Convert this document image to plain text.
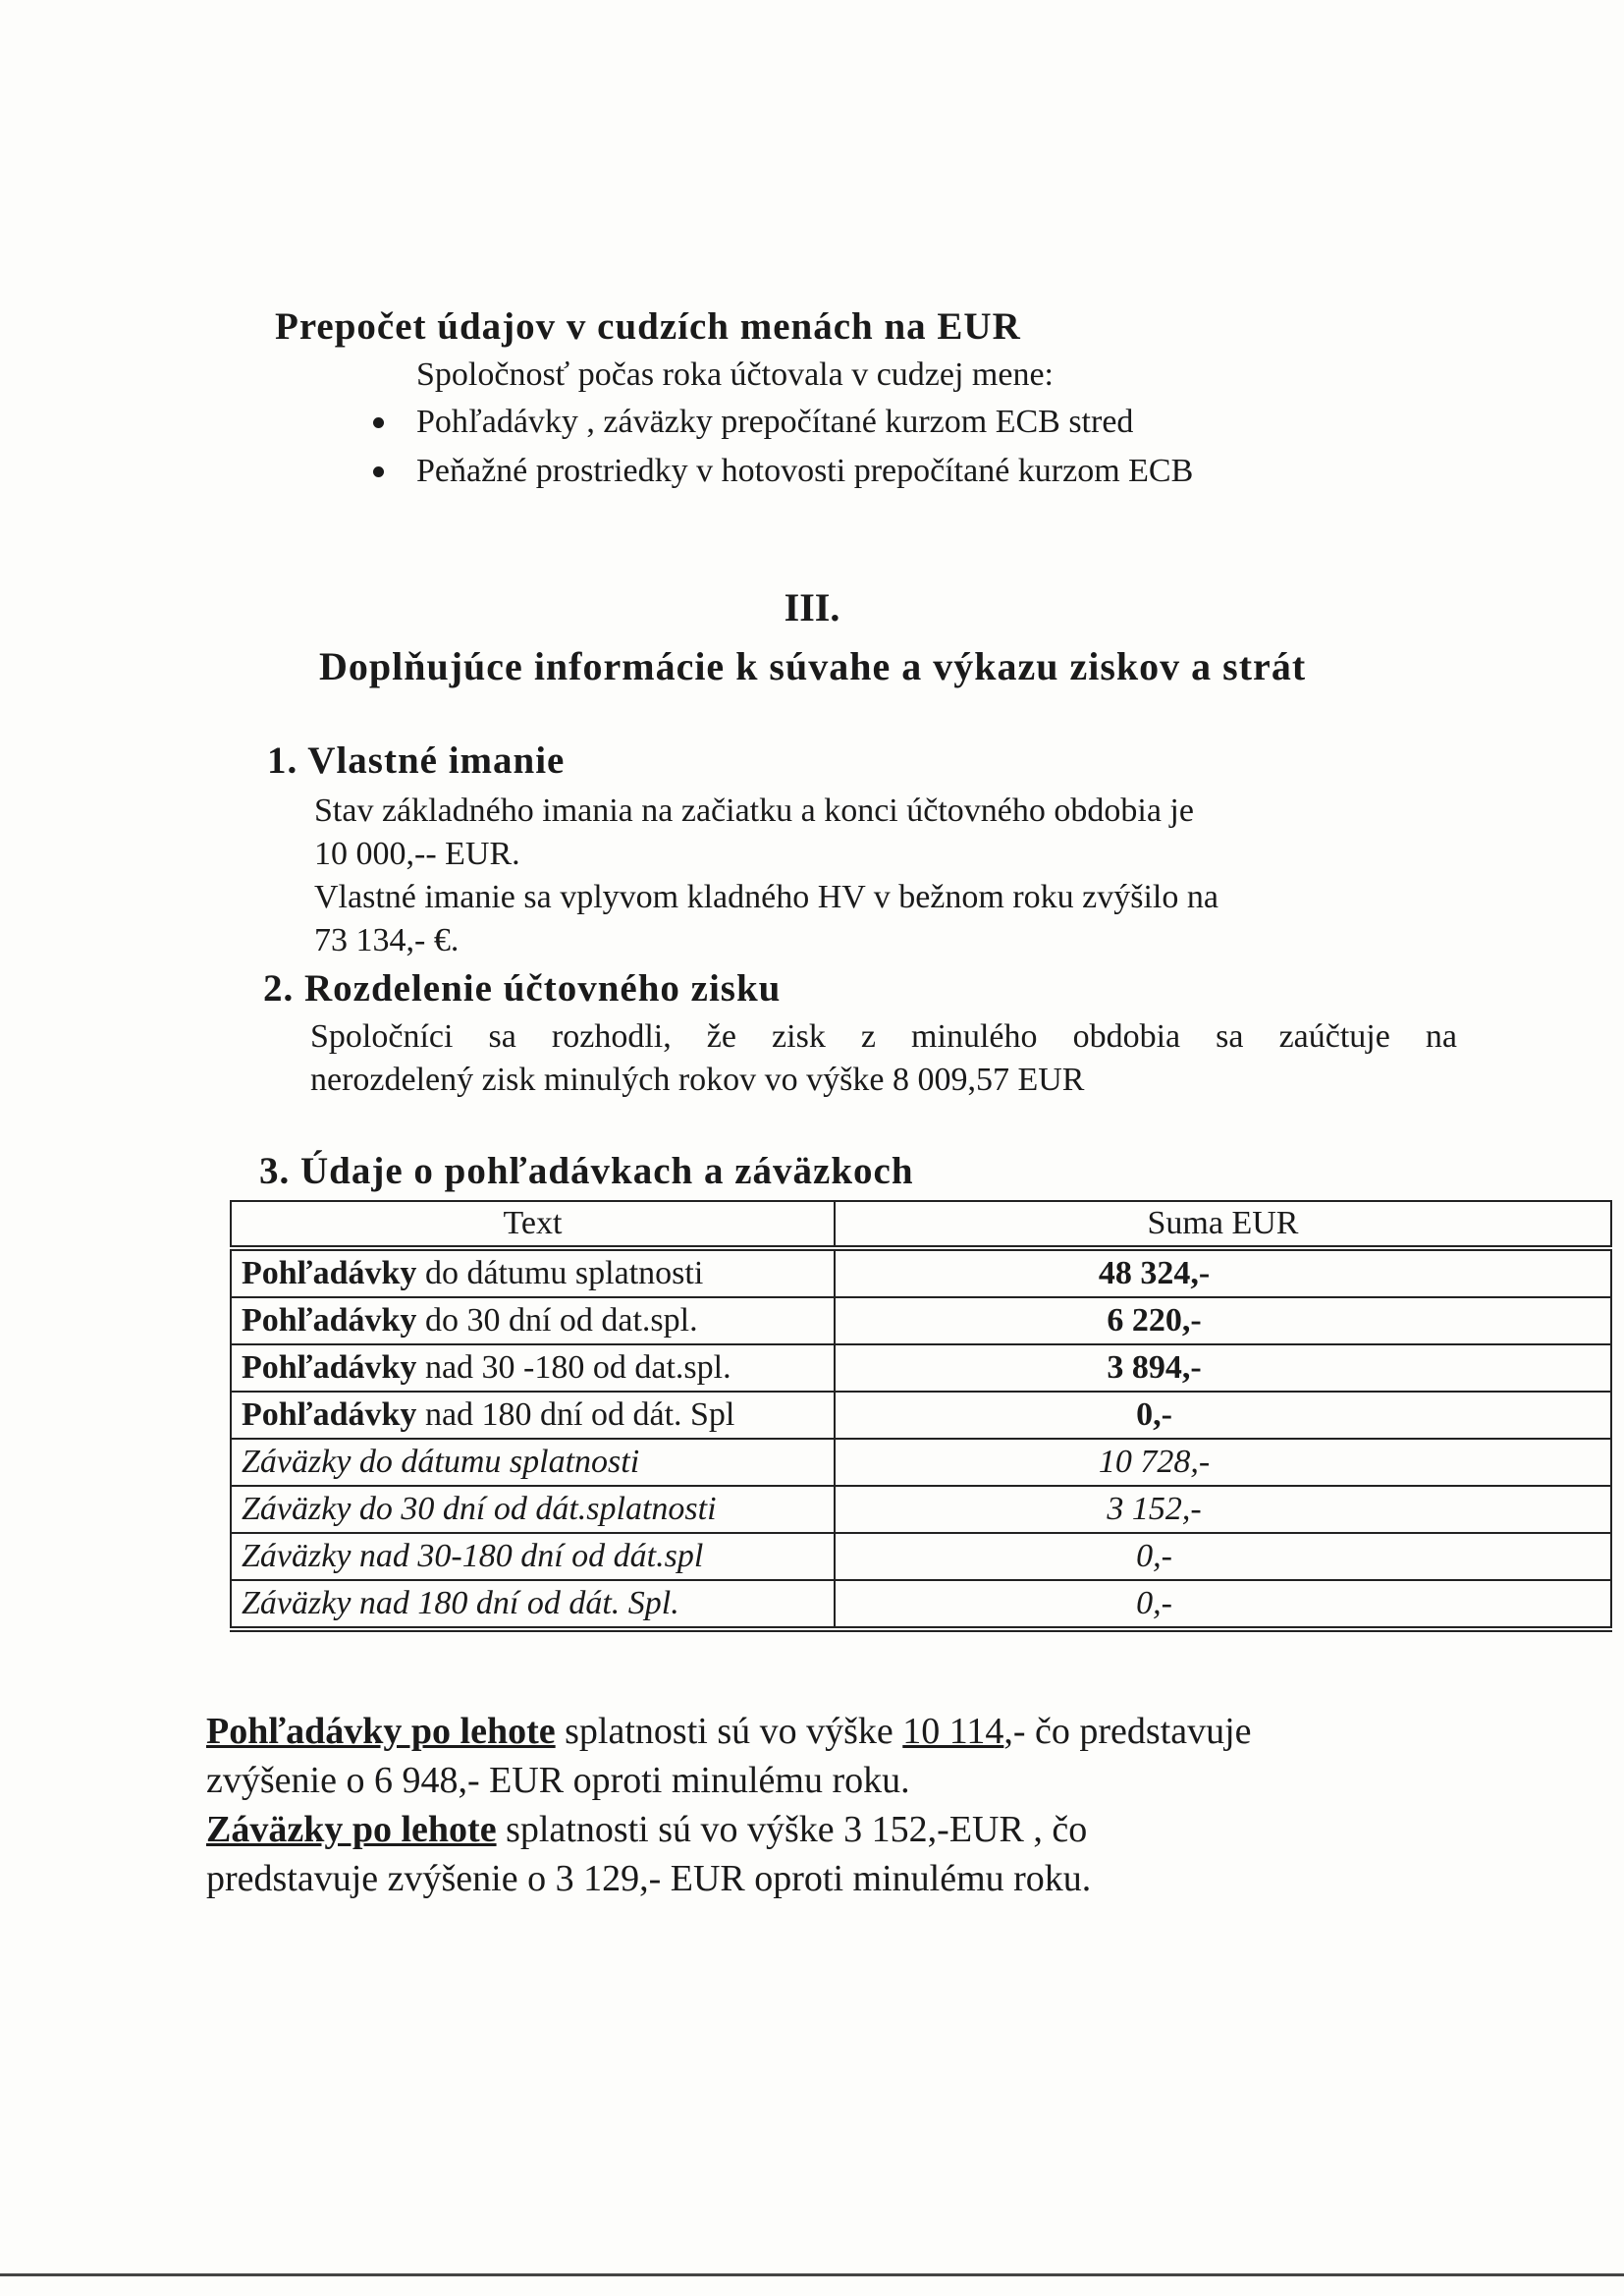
Prepočet údajov v cudzích menách na EUR
Spoločnosť počas roka účtovala v cudzej mene:
Pohľadávky , záväzky prepočítané kurzom ECB stred
Peňažné prostriedky v hotovosti prepočítané kurzom ECB
III.
Doplňujúce informácie k súvahe a výkazu ziskov a strát
1. Vlastné imanie
Stav základného imania na začiatku a konci účtovného obdobia je
10 000,-- EUR.
Vlastné imanie sa vplyvom kladného HV v bežnom roku zvýšilo na
73 134,- €.
2. Rozdelenie účtovného zisku
Spoločníci sa rozhodli, že zisk z minulého obdobia sa zaúčtuje na
nerozdelený zisk minulých rokov vo výške 8 009,57 EUR
3. Údaje o pohľadávkach a záväzkoch
Text	Suma EUR
Pohľadávky do dátumu splatnosti	48 324,-
Pohľadávky do 30 dní od dat.spl.	6 220,-
Pohľadávky nad 30 -180 od dat.spl.	3 894,-
Pohľadávky nad 180 dní od dát. Spl	0,-
Záväzky do dátumu splatnosti	10 728,-
Záväzky do 30 dní od dát.splatnosti	3 152,-
Záväzky nad 30-180 dní od dát.spl	0,-
Záväzky nad 180 dní od dát. Spl.	0,-
Pohľadávky po lehote splatnosti sú vo výške 10 114,- čo predstavuje
zvýšenie o 6 948,- EUR oproti minulému roku.
Záväzky po lehote splatnosti sú vo výške 3 152,-EUR , čo
predstavuje zvýšenie o 3 129,- EUR oproti minulému roku.
